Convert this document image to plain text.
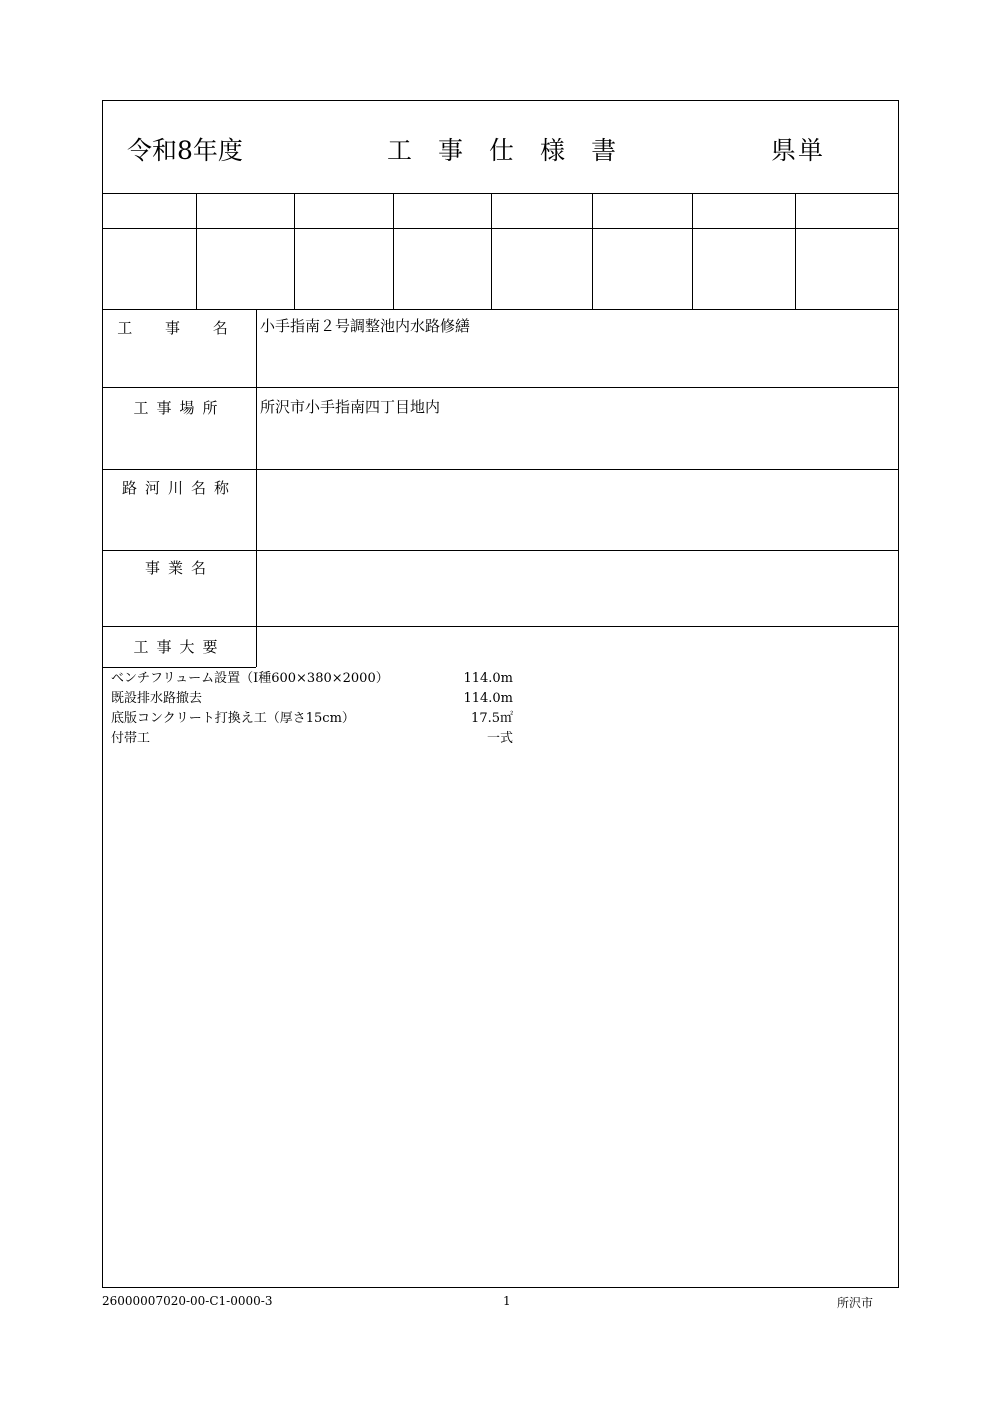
令和8年度	工 事 仕 様 書	県単
工 事 名	小手指南２号調整池内水路修繕
工事場所	所沢市小手指南四丁目地内
路河川名称
事業名
工事大要
ベンチフリューム設置（Ⅰ種600×380×2000）	114.0m
既設排水路撤去	114.0m
底版コンクリート打換え工（厚さ15cm）	17.5㎡
付帯工	一式
26000007020-00-C1-0000-3	1	所沢市
